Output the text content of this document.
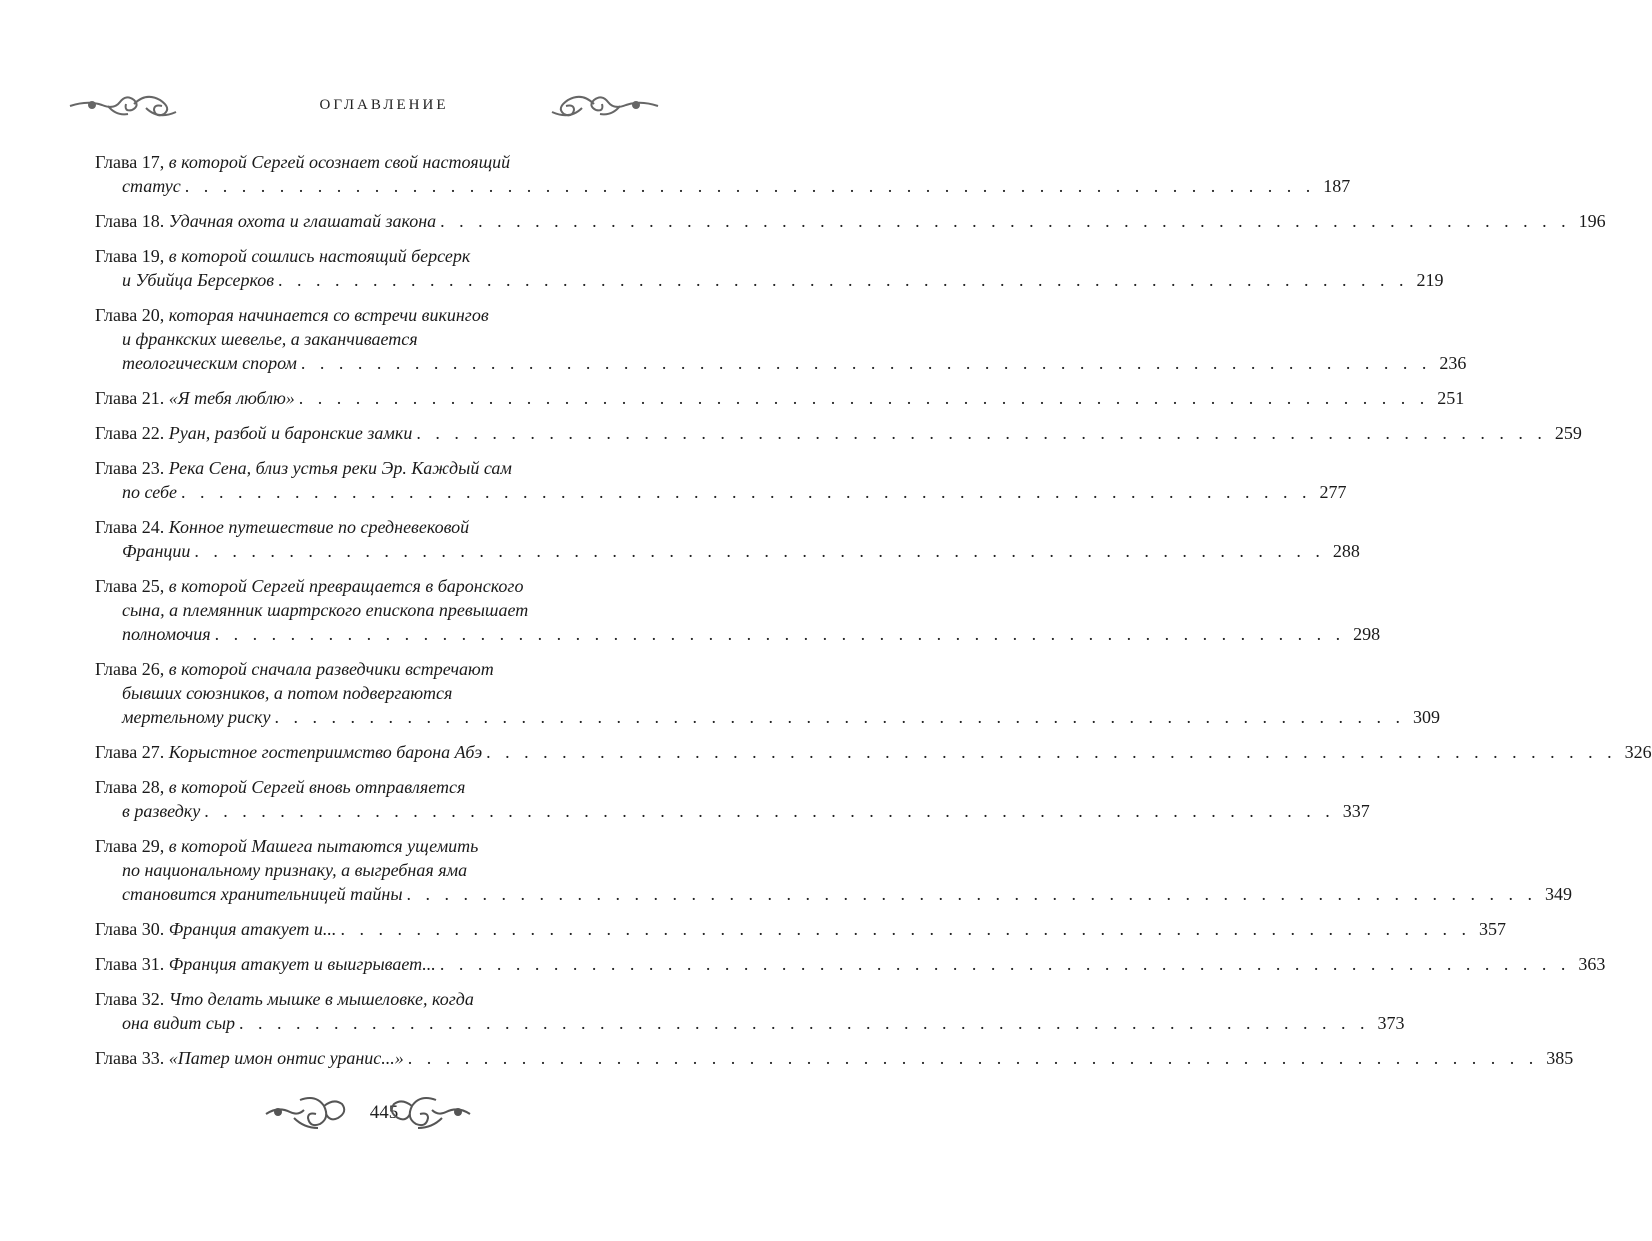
ОГЛАВЛЕНИЕ
Глава 17, в которой Сергей осознает свой настоящий
статус . . . . . . . . . . . . . . . . . . . . . . . . . . . . . . . . . . . . . . . . . . . . . . . . . . . . . . . . . . . . 187
Глава 18. Удачная охота и глашатай закона . . . . . . . . . . . . . . . . . . . . . . . . . . . . . . . . . . . . . . . . . . . . . . . . . . . . . . . . . . . . 196
Глава 19, в которой сошлись настоящий берсерк
и Убийца Берсерков . . . . . . . . . . . . . . . . . . . . . . . . . . . . . . . . . . . . . . . . . . . . . . . . . . . . . . . . . . . . 219
Глава 20, которая начинается со встречи викингов
и франкских шевелье, а заканчивается
теологическим спором . . . . . . . . . . . . . . . . . . . . . . . . . . . . . . . . . . . . . . . . . . . . . . . . . . . . . . . . . . . . 236
Глава 21. «Я тебя люблю» . . . . . . . . . . . . . . . . . . . . . . . . . . . . . . . . . . . . . . . . . . . . . . . . . . . . . . . . . . . . 251
Глава 22. Руан, разбой и баронские замки . . . . . . . . . . . . . . . . . . . . . . . . . . . . . . . . . . . . . . . . . . . . . . . . . . . . . . . . . . . . 259
Глава 23. Река Сена, близ устья реки Эр. Каждый сам
по себе . . . . . . . . . . . . . . . . . . . . . . . . . . . . . . . . . . . . . . . . . . . . . . . . . . . . . . . . . . . . 277
Глава 24. Конное путешествие по средневековой
Франции . . . . . . . . . . . . . . . . . . . . . . . . . . . . . . . . . . . . . . . . . . . . . . . . . . . . . . . . . . . . 288
Глава 25, в которой Сергей превращается в баронского
сына, а племянник шартрского епископа превышает
полномочия . . . . . . . . . . . . . . . . . . . . . . . . . . . . . . . . . . . . . . . . . . . . . . . . . . . . . . . . . . . . 298
Глава 26, в которой сначала разведчики встречают
бывших союзников, а потом подвергаются
мертельному риску . . . . . . . . . . . . . . . . . . . . . . . . . . . . . . . . . . . . . . . . . . . . . . . . . . . . . . . . . . . . 309
Глава 27. Корыстное гостеприимство барона Абэ . . . . . . . . . . . . . . . . . . . . . . . . . . . . . . . . . . . . . . . . . . . . . . . . . . . . . . . . . . . . 326
Глава 28, в которой Сергей вновь отправляется
в разведку . . . . . . . . . . . . . . . . . . . . . . . . . . . . . . . . . . . . . . . . . . . . . . . . . . . . . . . . . . . . 337
Глава 29, в которой Машега пытаются ущемить
по национальному признаку, а выгребная яма
становится хранительницей тайны . . . . . . . . . . . . . . . . . . . . . . . . . . . . . . . . . . . . . . . . . . . . . . . . . . . . . . . . . . . . 349
Глава 30. Франция атакует и... . . . . . . . . . . . . . . . . . . . . . . . . . . . . . . . . . . . . . . . . . . . . . . . . . . . . . . . . . . . . 357
Глава 31. Франция атакует и выигрывает... . . . . . . . . . . . . . . . . . . . . . . . . . . . . . . . . . . . . . . . . . . . . . . . . . . . . . . . . . . . . 363
Глава 32. Что делать мышке в мышеловке, когда
она видит сыр . . . . . . . . . . . . . . . . . . . . . . . . . . . . . . . . . . . . . . . . . . . . . . . . . . . . . . . . . . . . 373
Глава 33. «Патер имон онтис уранис...» . . . . . . . . . . . . . . . . . . . . . . . . . . . . . . . . . . . . . . . . . . . . . . . . . . . . . . . . . . . . 385
445
